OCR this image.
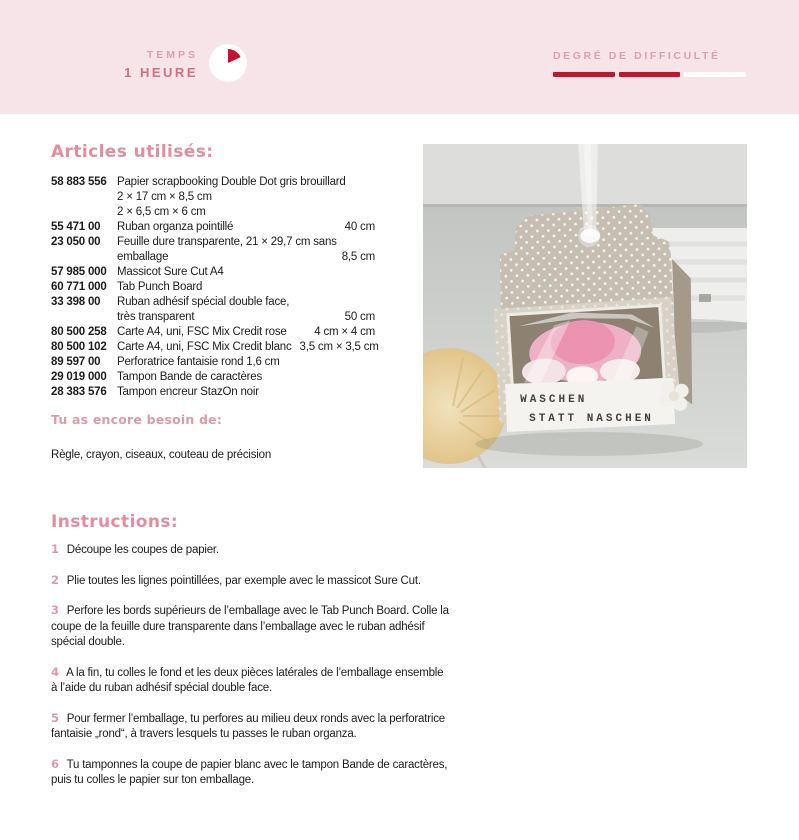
TEMPS
1 HEURE
DEGRÉ DE DIFFICULTÉ
Articles utilisés:
58 883 556 Papier scrapbooking Double Dot gris brouillard
2 × 17 cm × 8,5 cm
2 × 6,5 cm × 6 cm
55 471 00	Ruban organza pointillé	40 cm
23 050 00	Feuille dure transparente, 21 × 29,7 cm sans
emballage	8,5 cm
57 985 000 Massicot Sure Cut A4
60 771 000 Tab Punch Board
33 398 00	Ruban adhésif spécial double face,
très transparent	50 cm
80 500 258 Carte A4, uni, FSC Mix Credit rose	4 cm × 4 cm
80 500 102 Carte A4, uni, FSC Mix Credit blanc 3,5 cm × 3,5 cm
89 597 00	Perforatrice fantaisie rond 1,6 cm
29 019 000 Tampon Bande de caractères
28 383 576 Tampon encreur StazOn noir
Tu as encore besoin de:
Règle, crayon, ciseaux, couteau de précision
WASCHEN
STATT NASCHEN
Instructions:

1 Découpe les coupes de papier.

2 Plie toutes les lignes pointillées, par exemple avec le massicot Sure Cut.

3 Perfore les bords supérieurs de l’emballage avec le Tab Punch Board. Colle la coupe de la feuille dure transparente dans l’emballage avec le ruban adhésif spécial double.

4 A la fin, tu colles le fond et les deux pièces latérales de l’emballage ensemble à l’aide du ruban adhésif spécial double face.

5 Pour fermer l’emballage, tu perfores au milieu deux ronds avec la perforatrice fantaisie „rond“, à travers lesquels tu passes le ruban organza.

6 Tu tamponnes la coupe de papier blanc avec le tampon Bande de caractères, puis tu colles le papier sur ton emballage.
